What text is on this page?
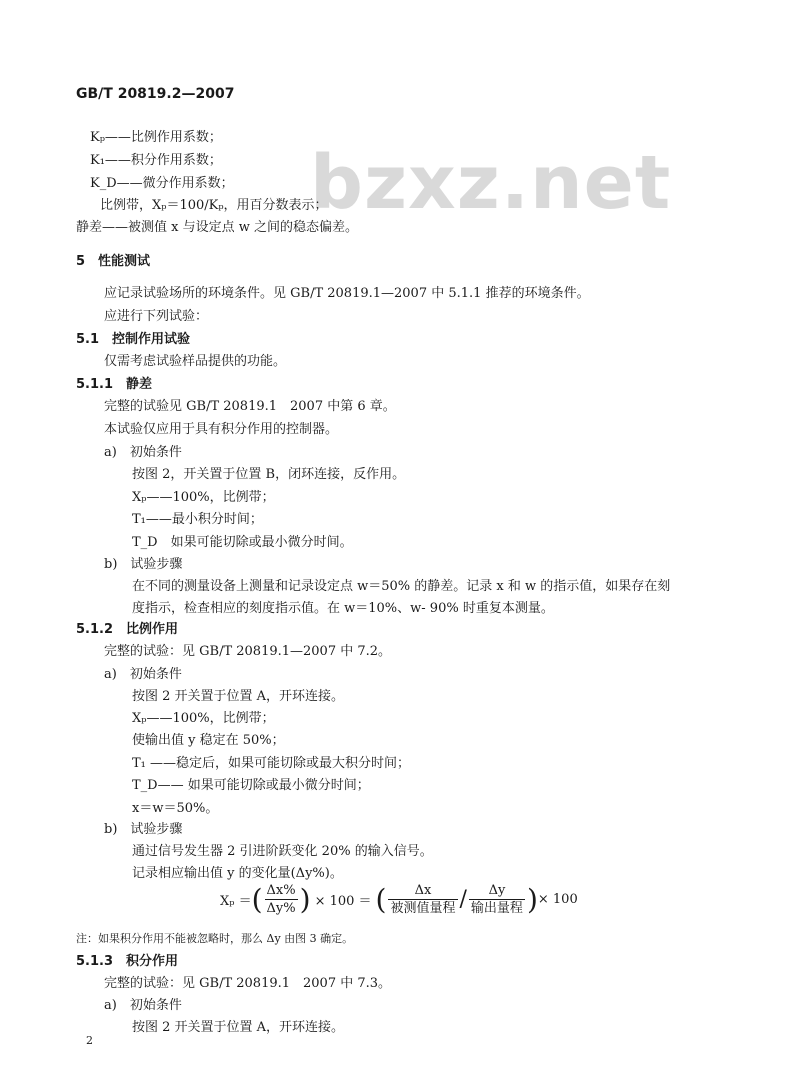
bzxz.net
GB/T 20819.2—2007
Kₚ——比例作用系数；
K₁——积分作用系数；
K_D——微分作用系数；
比例带，Xₚ＝100/Kₚ，用百分数表示；
静差——被测值 x 与设定点 w 之间的稳态偏差。
5　性能测试
应记录试验场所的环境条件。见 GB/T 20819.1—2007 中 5.1.1 推荐的环境条件。
应进行下列试验：
5.1　控制作用试验
仅需考虑试验样品提供的功能。
5.1.1　静差
完整的试验见 GB/T 20819.1　2007 中第 6 章。
本试验仅应用于具有积分作用的控制器。
a)　初始条件
按图 2，开关置于位置 B，闭环连接，反作用。
Xₚ——100%，比例带；
T₁——最小积分时间；
T_D　如果可能切除或最小微分时间。
b)　试验步骤
在不同的测量设备上测量和记录设定点 w＝50% 的静差。记录 x 和 w 的指示值，如果存在刻
度指示，检查相应的刻度指示值。在 w＝10%、w- 90% 时重复本测量。
5.1.2　比例作用
完整的试验：见 GB/T 20819.1—2007 中 7.2。
a)　初始条件
按图 2 开关置于位置 A，开环连接。
Xₚ——100%，比例带；
使输出值 y 稳定在 50%；
T₁ ——稳定后，如果可能切除或最大积分时间；
T_D—— 如果可能切除或最小微分时间；
x＝w＝50%。
b)　试验步骤
通过信号发生器 2 引进阶跃变化 20% 的输入信号。
记录相应输出值 y 的变化量(Δy%)。
Xₚ ＝ ( $\frac{\Delta x\%}{\Delta y\%}$ ) × 100 ＝ ( $\frac{\Delta x}{\text{被测值量程}} / \frac{\Delta y}{\text{输出量程}}$ ) × 100
注：如果积分作用不能被忽略时，那么 Δy 由图 3 确定。
5.1.3　积分作用
完整的试验：见 GB/T 20819.1　2007 中 7.3。
a)　初始条件
按图 2 开关置于位置 A，开环连接。
2
